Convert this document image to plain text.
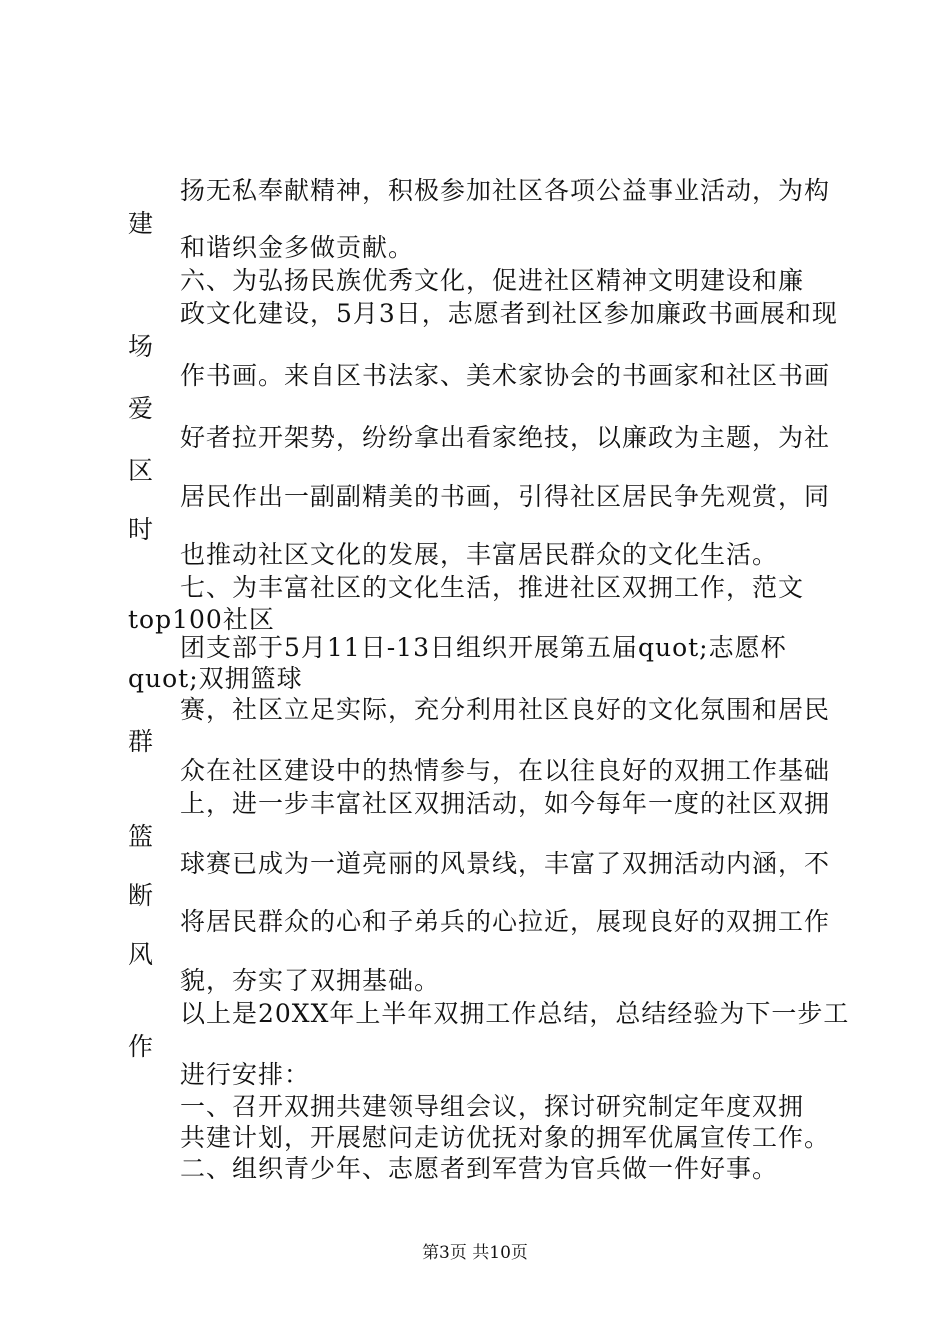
扬无私奉献精神，积极参加社区各项公益事业活动，为构
建
和谐织金多做贡献。
六、为弘扬民族优秀文化，促进社区精神文明建设和廉
政文化建设，5月3日，志愿者到社区参加廉政书画展和现
场
作书画。来自区书法家、美术家协会的书画家和社区书画
爱
好者拉开架势，纷纷拿出看家绝技，以廉政为主题，为社
区
居民作出一副副精美的书画，引得社区居民争先观赏，同
时
也推动社区文化的发展，丰富居民群众的文化生活。
七、为丰富社区的文化生活，推进社区双拥工作，范文
top100社区
团支部于5月11日-13日组织开展第五届quot;志愿杯
quot;双拥篮球
赛，社区立足实际，充分利用社区良好的文化氛围和居民
群
众在社区建设中的热情参与，在以往良好的双拥工作基础
上，进一步丰富社区双拥活动，如今每年一度的社区双拥
篮
球赛已成为一道亮丽的风景线，丰富了双拥活动内涵，不
断
将居民群众的心和子弟兵的心拉近，展现良好的双拥工作
风
貌，夯实了双拥基础。
以上是20XX年上半年双拥工作总结，总结经验为下一步工
作
进行安排：
一、召开双拥共建领导组会议，探讨研究制定年度双拥
共建计划，开展慰问走访优抚对象的拥军优属宣传工作。
二、组织青少年、志愿者到军营为官兵做一件好事。
第3页 共10页
